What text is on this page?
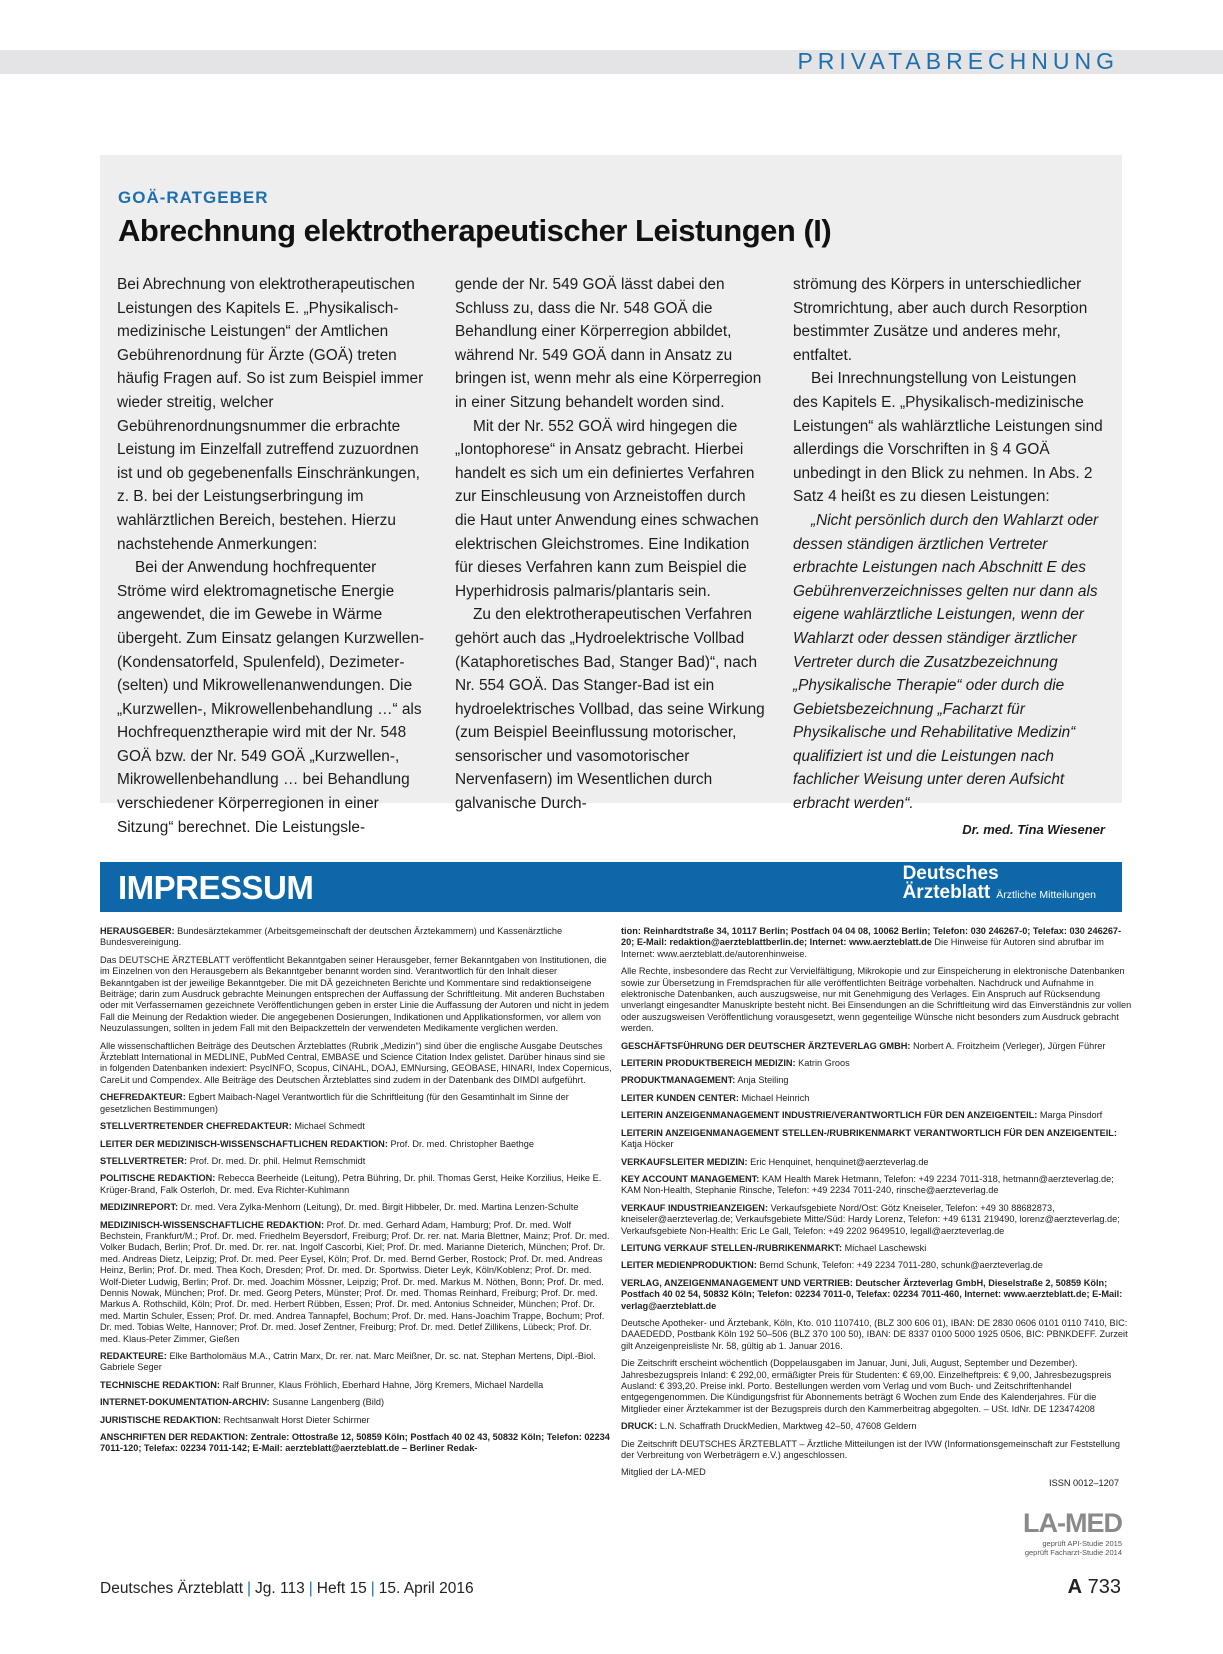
PRIVATABRECHNUNG
GOÄ-RATGEBER
Abrechnung elektrotherapeutischer Leistungen (I)

Bei Abrechnung von elektrotherapeutischen Leistungen des Kapitels E. „Physikalisch-medizinische Leistungen“ der Amtlichen Gebührenordnung für Ärzte (GOÄ) treten häufig Fragen auf. So ist zum Beispiel immer wieder streitig, welcher Gebührenordnungsnummer die erbrachte Leistung im Einzelfall zutreffend zuzuordnen ist und ob gegebenenfalls Einschränkungen, z. B. bei der Leistungserbringung im wahlärztlichen Bereich, bestehen. Hierzu nachstehende Anmerkungen:

Bei der Anwendung hochfrequenter Ströme wird elektromagnetische Energie angewendet, die im Gewebe in Wärme übergeht. Zum Einsatz gelangen Kurzwellen- (Kondensatorfeld, Spulenfeld), Dezimeter- (selten) und Mikrowellenanwendungen. Die „Kurzwellen-, Mikrowellenbehandlung …“ als Hochfrequenztherapie wird mit der Nr. 548 GOÄ bzw. der Nr. 549 GOÄ „Kurzwellen-, Mikrowellenbehandlung … bei Behandlung verschiedener Körperregionen in einer Sitzung“ berechnet. Die Leistungsle-

gende der Nr. 549 GOÄ lässt dabei den Schluss zu, dass die Nr. 548 GOÄ die Behandlung einer Körperregion abbildet, während Nr. 549 GOÄ dann in Ansatz zu bringen ist, wenn mehr als eine Körperregion in einer Sitzung behandelt worden sind.

Mit der Nr. 552 GOÄ wird hingegen die „Iontophorese“ in Ansatz gebracht. Hierbei handelt es sich um ein definiertes Verfahren zur Einschleusung von Arzneistoffen durch die Haut unter Anwendung eines schwachen elektrischen Gleichstromes. Eine Indikation für dieses Verfahren kann zum Beispiel die Hyperhidrosis palmaris/plantaris sein.

Zu den elektrotherapeutischen Verfahren gehört auch das „Hydroelektrische Vollbad (Kataphoretisches Bad, Stanger Bad)“, nach Nr. 554 GOÄ. Das Stanger-Bad ist ein hydroelektrisches Vollbad, das seine Wirkung (zum Beispiel Beeinflussung motorischer, sensorischer und vasomotorischer Nervenfasern) im Wesentlichen durch galvanische Durch-

strömung des Körpers in unterschiedlicher Stromrichtung, aber auch durch Resorption bestimmter Zusätze und anderes mehr, entfaltet.

Bei Inrechnungstellung von Leistungen des Kapitels E. „Physikalisch-medizinische Leistungen“ als wahlärztliche Leistungen sind allerdings die Vorschriften in § 4 GOÄ unbedingt in den Blick zu nehmen. In Abs. 2 Satz 4 heißt es zu diesen Leistungen:

„Nicht persönlich durch den Wahlarzt oder dessen ständigen ärztlichen Vertreter erbrachte Leistungen nach Abschnitt E des Gebührenverzeichnisses gelten nur dann als eigene wahlärztliche Leistungen, wenn der Wahlarzt oder dessen ständiger ärztlicher Vertreter durch die Zusatzbezeichnung „Physikalische Therapie“ oder durch die Gebietsbezeichnung „Facharzt für Physikalische und Rehabilitative Medizin“ qualifiziert ist und die Leistungen nach fachlicher Weisung unter deren Aufsicht erbracht werden“.

Dr. med. Tina Wiesener
IMPRESSUM	Deutsches
Ärzteblatt Ärztliche Mitteilungen

HERAUSGEBER: Bundesärztekammer (Arbeitsgemeinschaft der deutschen Ärztekammern) und Kassenärztliche Bundesvereinigung.

Das DEUTSCHE ÄRZTEBLATT veröffentlicht Bekanntgaben seiner Herausgeber, ferner Bekanntgaben von Institutionen, die im Einzelnen von den Herausgebern als Bekanntgeber benannt worden sind. Verantwortlich für den Inhalt dieser Bekanntgaben ist der jeweilige Bekanntgeber. Die mit DÄ gezeichneten Berichte und Kommentare sind redaktionseigene Beiträge; darin zum Ausdruck gebrachte Meinungen entsprechen der Auffassung der Schriftleitung. Mit anderen Buchstaben oder mit Verfassernamen gezeichnete Veröffentlichungen geben in erster Linie die Auffassung der Autoren und nicht in jedem Fall die Meinung der Redaktion wieder. Die angegebenen Dosierungen, Indikationen und Applikationsformen, vor allem von Neuzulassungen, sollten in jedem Fall mit den Beipackzetteln der verwendeten Medikamente verglichen werden.

Alle wissenschaftlichen Beiträge des Deutschen Ärzteblattes (Rubrik „Medizin“) sind über die englische Ausgabe Deutsches Ärzteblatt International in MEDLINE, PubMed Central, EMBASE und Science Citation Index gelistet. Darüber hinaus sind sie in folgenden Datenbanken indexiert: PsycINFO, Scopus, CINAHL, DOAJ, EMNursing, GEOBASE, HINARI, Index Copernicus, CareLit und Compendex. Alle Beiträge des Deutschen Ärzteblattes sind zudem in der Datenbank des DIMDI aufgeführt.

CHEFREDAKTEUR: Egbert Maibach-Nagel Verantwortlich für die Schriftleitung (für den Gesamtinhalt im Sinne der gesetzlichen Bestimmungen)

STELLVERTRETENDER CHEFREDAKTEUR: Michael Schmedt

LEITER DER MEDIZINISCH-WISSENSCHAFTLICHEN REDAKTION: Prof. Dr. med. Christopher Baethge

STELLVERTRETER: Prof. Dr. med. Dr. phil. Helmut Remschmidt

POLITISCHE REDAKTION: Rebecca Beerheide (Leitung), Petra Bühring, Dr. phil. Thomas Gerst, Heike Korzilius, Heike E. Krüger-Brand, Falk Osterloh, Dr. med. Eva Richter-Kuhlmann

MEDIZINREPORT: Dr. med. Vera Zylka-Menhorn (Leitung), Dr. med. Birgit Hibbeler, Dr. med. Martina Lenzen-Schulte

MEDIZINISCH-WISSENSCHAFTLICHE REDAKTION: Prof. Dr. med. Gerhard Adam, Hamburg; Prof. Dr. med. Wolf Bechstein, Frankfurt/M.; Prof. Dr. med. Friedhelm Beyersdorf, Freiburg; Prof. Dr. rer. nat. Maria Blettner, Mainz; Prof. Dr. med. Volker Budach, Berlin; Prof. Dr. med. Dr. rer. nat. Ingolf Cascorbi, Kiel; Prof. Dr. med. Marianne Dieterich, München; Prof. Dr. med. Andreas Dietz, Leipzig; Prof. Dr. med. Peer Eysel, Köln; Prof. Dr. med. Bernd Gerber, Rostock; Prof. Dr. med. Andreas Heinz, Berlin; Prof. Dr. med. Thea Koch, Dresden; Prof. Dr. med. Dr. Sportwiss. Dieter Leyk, Köln/Koblenz; Prof. Dr. med. Wolf-Dieter Ludwig, Berlin; Prof. Dr. med. Joachim Mössner, Leipzig; Prof. Dr. med. Markus M. Nöthen, Bonn; Prof. Dr. med. Dennis Nowak, München; Prof. Dr. med. Georg Peters, Münster; Prof. Dr. med. Thomas Reinhard, Freiburg; Prof. Dr. med. Markus A. Rothschild, Köln; Prof. Dr. med. Herbert Rübben, Essen; Prof. Dr. med. Antonius Schneider, München; Prof. Dr. med. Martin Schuler, Essen; Prof. Dr. med. Andrea Tannapfel, Bochum; Prof. Dr. med. Hans-Joachim Trappe, Bochum; Prof. Dr. med. Tobias Welte, Hannover; Prof. Dr. med. Josef Zentner, Freiburg; Prof. Dr. med. Detlef Zillikens, Lübeck; Prof. Dr. med. Klaus-Peter Zimmer, Gießen

REDAKTEURE: Elke Bartholomäus M.A., Catrin Marx, Dr. rer. nat. Marc Meißner, Dr. sc. nat. Stephan Mertens, Dipl.-Biol. Gabriele Seger

TECHNISCHE REDAKTION: Ralf Brunner, Klaus Fröhlich, Eberhard Hahne, Jörg Kremers, Michael Nardella

INTERNET-DOKUMENTATION-ARCHIV: Susanne Langenberg (Bild)

JURISTISCHE REDAKTION: Rechtsanwalt Horst Dieter Schirmer

ANSCHRIFTEN DER REDAKTION: Zentrale: Ottostraße 12, 50859 Köln; Postfach 40 02 43, 50832 Köln; Telefon: 02234 7011-120; Telefax: 02234 7011-142; E-Mail: aerzteblatt@aerzteblatt.de – Berliner Redak-

tion: Reinhardtstraße 34, 10117 Berlin; Postfach 04 04 08, 10062 Berlin; Telefon: 030 246267-0; Telefax: 030 246267-20; E-Mail: redaktion@aerzteblattberlin.de; Internet: www.aerzteblatt.de Die Hinweise für Autoren sind abrufbar im Internet: www.aerzteblatt.de/autorenhinweise.

Alle Rechte, insbesondere das Recht zur Vervielfältigung, Mikrokopie und zur Einspeicherung in elektronische Datenbanken sowie zur Übersetzung in Fremdsprachen für alle veröffentlichten Beiträge vorbehalten. Nachdruck und Aufnahme in elektronische Datenbanken, auch auszugsweise, nur mit Genehmigung des Verlages. Ein Anspruch auf Rücksendung unverlangt eingesandter Manuskripte besteht nicht. Bei Einsendungen an die Schriftleitung wird das Einverständnis zur vollen oder auszugsweisen Veröffentlichung vorausgesetzt, wenn gegenteilige Wünsche nicht besonders zum Ausdruck gebracht werden.

GESCHÄFTSFÜHRUNG DER DEUTSCHER ÄRZTEVERLAG GMBH: Norbert A. Froitzheim (Verleger), Jürgen Führer

LEITERIN PRODUKTBEREICH MEDIZIN: Katrin Groos

PRODUKTMANAGEMENT: Anja Steiling

LEITER KUNDEN CENTER: Michael Heinrich

LEITERIN ANZEIGENMANAGEMENT INDUSTRIE/VERANTWORTLICH FÜR DEN ANZEIGENTEIL: Marga Pinsdorf

LEITERIN ANZEIGENMANAGEMENT STELLEN-/RUBRIKENMARKT VERANTWORTLICH FÜR DEN ANZEIGENTEIL: Katja Höcker

VERKAUFSLEITER MEDIZIN: Eric Henquinet, henquinet@aerzteverlag.de

KEY ACCOUNT MANAGEMENT: KAM Health Marek Hetmann, Telefon: +49 2234 7011-318, hetmann@aerzteverlag.de; KAM Non-Health, Stephanie Rinsche, Telefon: +49 2234 7011-240, rinsche@aerzteverlag.de

VERKAUF INDUSTRIEANZEIGEN: Verkaufsgebiete Nord/Ost: Götz Kneiseler, Telefon: +49 30 88682873, kneiseler@aerzteverlag.de; Verkaufsgebiete Mitte/Süd: Hardy Lorenz, Telefon: +49 6131 219490, lorenz@aerzteverlag.de; Verkaufsgebiete Non-Health: Eric Le Gall, Telefon: +49 2202 9649510, legall@aerzteverlag.de

LEITUNG VERKAUF STELLEN-/RUBRIKENMARKT: Michael Laschewski

LEITER MEDIENPRODUKTION: Bernd Schunk, Telefon: +49 2234 7011-280, schunk@aerzteverlag.de

VERLAG, ANZEIGENMANAGEMENT UND VERTRIEB: Deutscher Ärzteverlag GmbH, Dieselstraße 2, 50859 Köln; Postfach 40 02 54, 50832 Köln; Telefon: 02234 7011-0, Telefax: 02234 7011-460, Internet: www.aerzteblatt.de; E-Mail: verlag@aerzteblatt.de

Deutsche Apotheker- und Ärztebank, Köln, Kto. 010 1107410, (BLZ 300 606 01), IBAN: DE 2830 0606 0101 0110 7410, BIC: DAAEDEDD, Postbank Köln 192 50–506 (BLZ 370 100 50), IBAN: DE 8337 0100 5000 1925 0506, BIC: PBNKDEFF. Zurzeit gilt Anzeigenpreisliste Nr. 58, gültig ab 1. Januar 2016.

Die Zeitschrift erscheint wöchentlich (Doppelausgaben im Januar, Juni, Juli, August, September und Dezember). Jahresbezugspreis Inland: € 292,00, ermäßigter Preis für Studenten: € 69,00. Einzelheftpreis: € 9,00, Jahresbezugspreis Ausland: € 393,20. Preise inkl. Porto. Bestellungen werden vom Verlag und vom Buch- und Zeitschriftenhandel entgegengenommen. Die Kündigungsfrist für Abonnements beträgt 6 Wochen zum Ende des Kalenderjahres. Für die Mitglieder einer Ärztekammer ist der Bezugspreis durch den Kammerbeitrag abgegolten. – USt. IdNr. DE 123474208

DRUCK: L.N. Schaffrath DruckMedien, Marktweg 42–50, 47608 Geldern

Die Zeitschrift DEUTSCHES ÄRZTEBLATT – Ärztliche Mitteilungen ist der IVW (Informationsgemeinschaft zur Feststellung der Verbreitung von Werbeträgern e.V.) angeschlossen.

Mitglied der LA-MED

ISSN 0012–1207
LA-MED
geprüft API-Studie 2015
geprüft Facharzt-Studie 2014
Deutsches Ärzteblatt | Jg. 113 | Heft 15 | 15. April 2016	A 733
